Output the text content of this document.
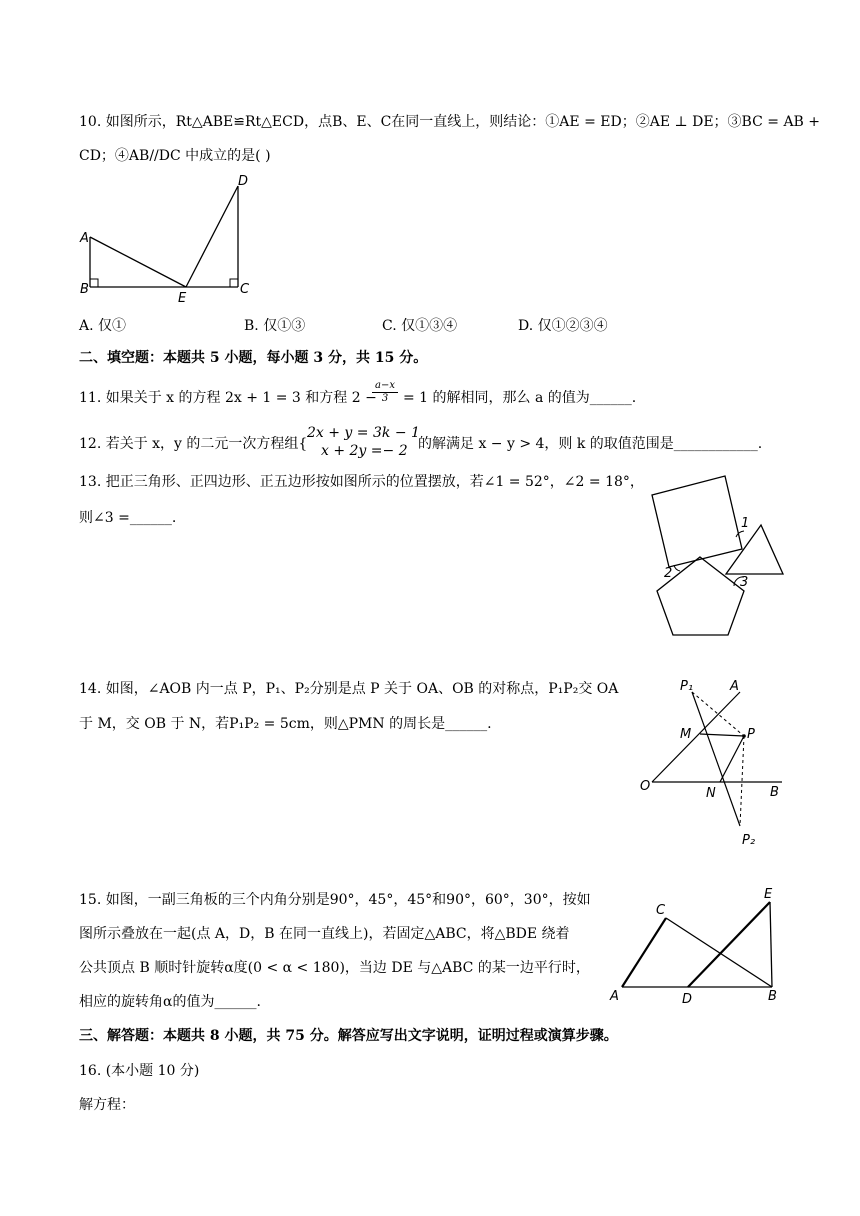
10. 如图所示，Rt△ABE≌Rt△ECD，点B、E、C在同一直线上，则结论：①AE = ED；②AE ⊥ DE；③BC = AB +
CD；④AB//DC 中成立的是( )
A
B
E
C
D
A. 仅①	B. 仅①③	C. 仅①③④	D. 仅①②③④
二、填空题：本题共 5 小题，每小题 3 分，共 15 分。
11. 如果关于 x 的方程 2x + 1 = 3 和方程 2 −
$\frac{a-x}{3} = 1$ 的解相同，那么 a 的值为______.
12. 若关于 x，y 的二元一次方程组{
2x + y = 3k − 1
x + 2y =− 2 的解满足 x − y > 4，则 k 的取值范围是____________.
13. 把正三角形、正四边形、正五边形按如图所示的位置摆放，若∠1 = 52°，∠2 = 18°，
则∠3 =______.	1
2
3
14. 如图，∠AOB 内一点 P，P₁、P₂分别是点 P 关于 OA、OB 的对称点，P₁P₂交 OA
于 M，交 OB 于 N，若P₁P₂ = 5cm，则△PMN 的周长是______.
P₁	A
M	P
O	N	B
P₂
15. 如图，一副三角板的三个内角分别是90°，45°，45°和90°，60°，30°，按如
图所示叠放在一起(点 A，D，B 在同一直线上)，若固定△ABC，将△BDE 绕着
公共顶点 B 顺时针旋转α度(0 < α < 180)，当边 DE 与△ABC 的某一边平行时，
相应的旋转角α的值为______.
C
E
A	D	B
三、解答题：本题共 8 小题，共 75 分。解答应写出文字说明，证明过程或演算步骤。
16. (本小题 10 分)
解方程：
